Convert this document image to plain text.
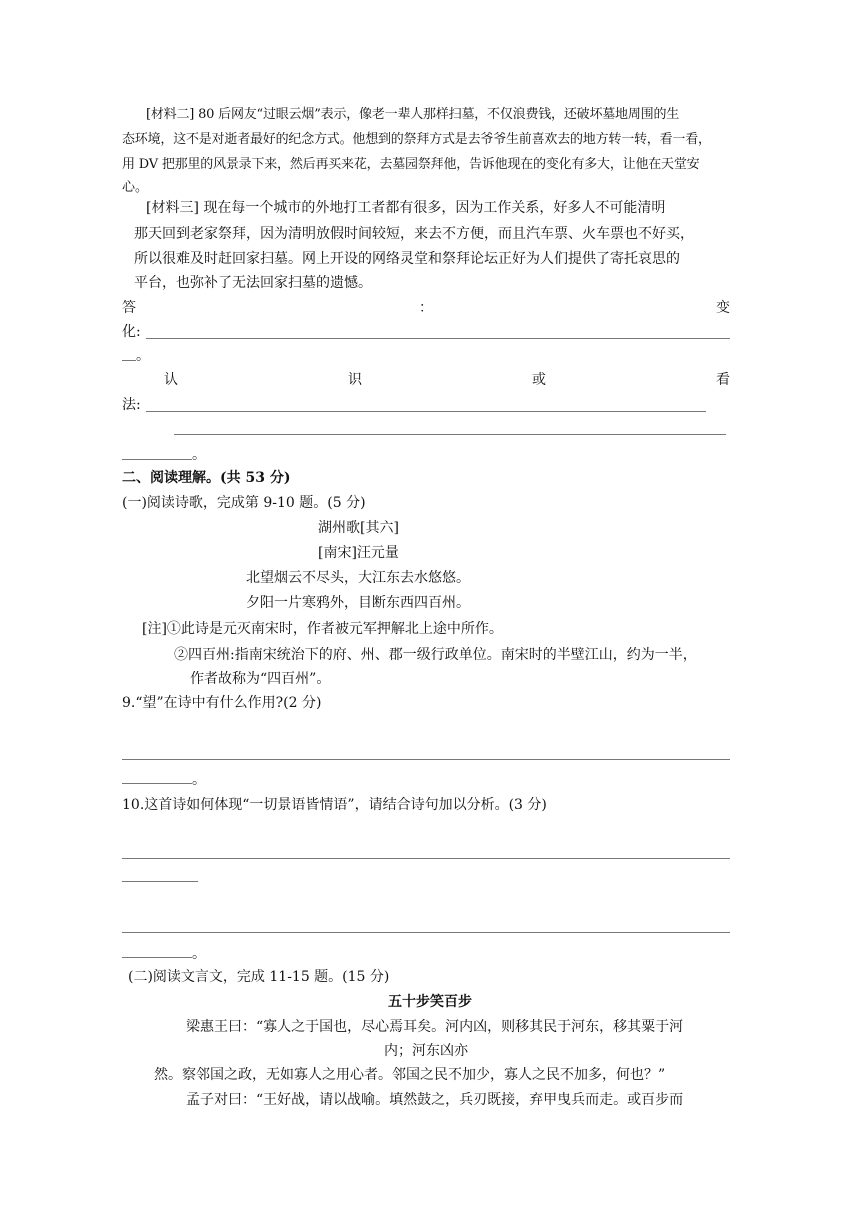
[材料二] 80 后网友“过眼云烟”表示，像老一辈人那样扫墓，不仅浪费钱，还破坏墓地周围的生
态环境，这不是对逝者最好的纪念方式。他想到的祭拜方式是去爷爷生前喜欢去的地方转一转，看一看，
用 DV 把那里的风景录下来，然后再买来花，去墓园祭拜他，告诉他现在的变化有多大，让他在天堂安
心。
[材料三] 现在每一个城市的外地打工者都有很多，因为工作关系，好多人不可能清明
那天回到老家祭拜，因为清明放假时间较短，来去不方便，而且汽车票、火车票也不好买，
所以很难及时赶回家扫墓。网上开设的网络灵堂和祭拜论坛正好为人们提供了寄托哀思的
平台，也弥补了无法回家扫墓的遗憾。
答	：	变
化:
。
认	识	或	看
法:
。
二、阅读理解。(共 53 分)
(一)阅读诗歌，完成第 9-10 题。(5 分)
湖州歌[其六]
[南宋]汪元量
北望烟云不尽头，大江东去水悠悠。
夕阳一片寒鸦外，目断东西四百州。
[注]①此诗是元灭南宋时，作者被元军押解北上途中所作。
②四百州:指南宋统治下的府、州、郡一级行政单位。南宋时的半壁江山，约为一半，
作者故称为“四百州”。
9.“望”在诗中有什么作用?(2 分)
。
10.这首诗如何体现“一切景语皆情语”，请结合诗句加以分析。(3 分)
。
(二)阅读文言文，完成 11-15 题。(15 分)
五十步笑百步
梁惠王曰：“寡人之于国也，尽心焉耳矣。河内凶，则移其民于河东，移其粟于河
内；河东凶亦
然。察邻国之政，无如寡人之用心者。邻国之民不加少，寡人之民不加多，何也？”
孟子对曰：“王好战，请以战喻。填然鼓之，兵刃既接，弃甲曳兵而走。或百步而
